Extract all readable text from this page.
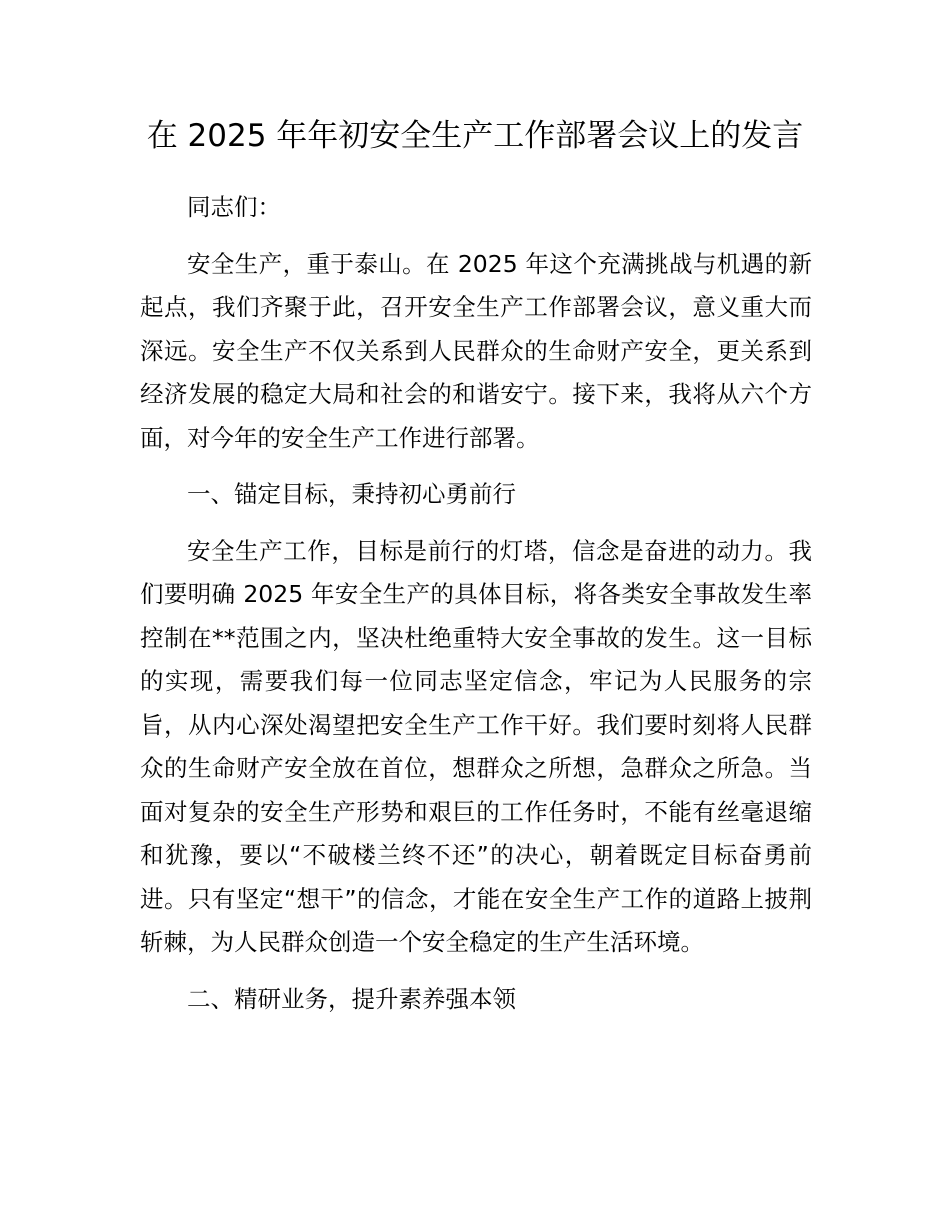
在 2025 年年初安全生产工作部署会议上的发言

同志们：

安全生产，重于泰山。在 2025 年这个充满挑战与机遇的新起点，我们齐聚于此，召开安全生产工作部署会议，意义重大而深远。安全生产不仅关系到人民群众的生命财产安全，更关系到经济发展的稳定大局和社会的和谐安宁。接下来，我将从六个方面，对今年的安全生产工作进行部署。

一、锚定目标，秉持初心勇前行

安全生产工作，目标是前行的灯塔，信念是奋进的动力。我们要明确 2025 年安全生产的具体目标，将各类安全事故发生率控制在**范围之内，坚决杜绝重特大安全事故的发生。这一目标的实现，需要我们每一位同志坚定信念，牢记为人民服务的宗旨，从内心深处渴望把安全生产工作干好。我们要时刻将人民群众的生命财产安全放在首位，想群众之所想，急群众之所急。当面对复杂的安全生产形势和艰巨的工作任务时，不能有丝毫退缩和犹豫，要以“不破楼兰终不还”的决心，朝着既定目标奋勇前进。只有坚定“想干”的信念，才能在安全生产工作的道路上披荆斩棘，为人民群众创造一个安全稳定的生产生活环境。

二、精研业务，提升素养强本领
